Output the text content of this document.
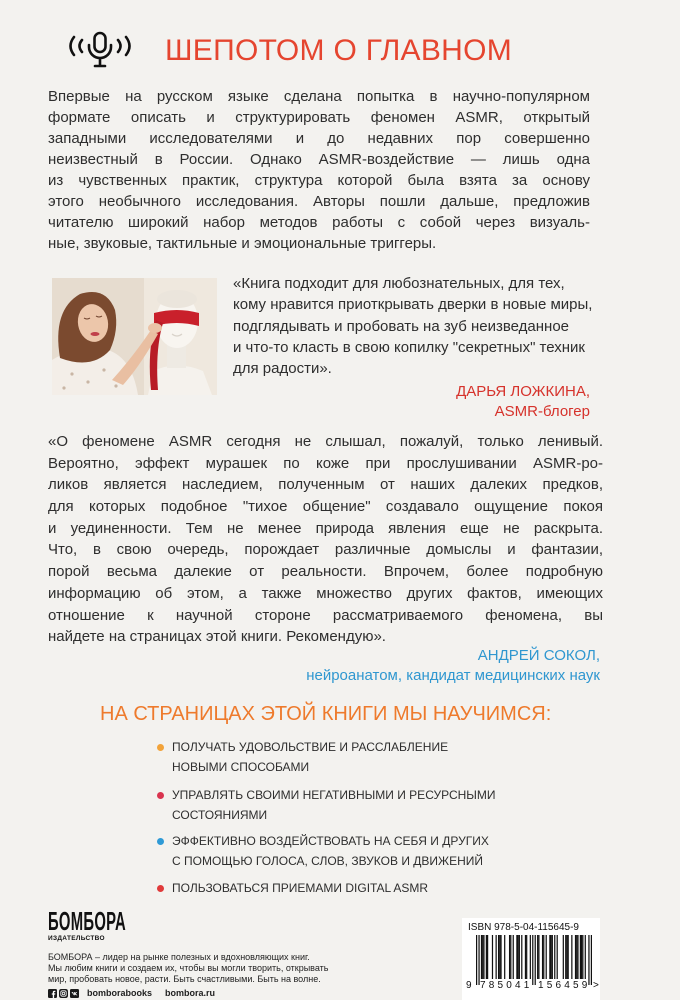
ШЕПОТОМ О ГЛАВНОМ
Впервые на русском языке сделана попытка в научно-популярном
формате описать и структурировать феномен ASMR, открытый
западными исследователями и до недавних пор совершенно
неизвестный в России. Однако ASMR-воздействие — лишь одна
из чувственных практик, структура которой была взята за основу
этого необычного исследования. Авторы пошли дальше, предложив
читателю широкий набор методов работы с собой через визуаль-
ные, звуковые, тактильные и эмоциональные триггеры.
«Книга подходит для любознательных, для тех,
кому нравится приоткрывать дверки в новые миры,
подглядывать и пробовать на зуб неизведанное
и что-то класть в свою копилку "секретных" техник
для радости».
ДАРЬЯ ЛОЖКИНА,
ASMR-блогер
«О феномене ASMR сегодня не слышал, пожалуй, только ленивый.
Вероятно, эффект мурашек по коже при прослушивании ASMR-ро-
ликов является наследием, полученным от наших далеких предков,
для которых подобное "тихое общение" создавало ощущение покоя
и уединенности. Тем не менее природа явления еще не раскрыта.
Что, в свою очередь, порождает различные домыслы и фантазии,
порой весьма далекие от реальности. Впрочем, более подробную
информацию об этом, а также множество других фактов, имеющих
отношение к научной стороне рассматриваемого феномена, вы
найдете на страницах этой книги. Рекомендую».
АНДРЕЙ СОКОЛ,
нейроанатом, кандидат медицинских наук
НА СТРАНИЦАХ ЭТОЙ КНИГИ МЫ НАУЧИМСЯ:
ПОЛУЧАТЬ УДОВОЛЬСТВИЕ И РАССЛАБЛЕНИЕ
НОВЫМИ СПОСОБАМИ
УПРАВЛЯТЬ СВОИМИ НЕГАТИВНЫМИ И РЕСУРСНЫМИ
СОСТОЯНИЯМИ
ЭФФЕКТИВНО ВОЗДЕЙСТВОВАТЬ НА СЕБЯ И ДРУГИХ
С ПОМОЩЬЮ ГОЛОСА, СЛОВ, ЗВУКОВ И ДВИЖЕНИЙ
ПОЛЬЗОВАТЬСЯ ПРИЕМАМИ DIGITAL ASMR
БОМБОРА
ИЗДАТЕЛЬСТВО
БОМБОРА – лидер на рынке полезных и вдохновляющих книг.
Мы любим книги и создаем их, чтобы вы могли творить, открывать
мир, пробовать новое, расти. Быть счастливыми. Быть на волне.
bomborabooks bombora.ru
ISBN 978-5-04-115645-9
9 785041 156459 >
